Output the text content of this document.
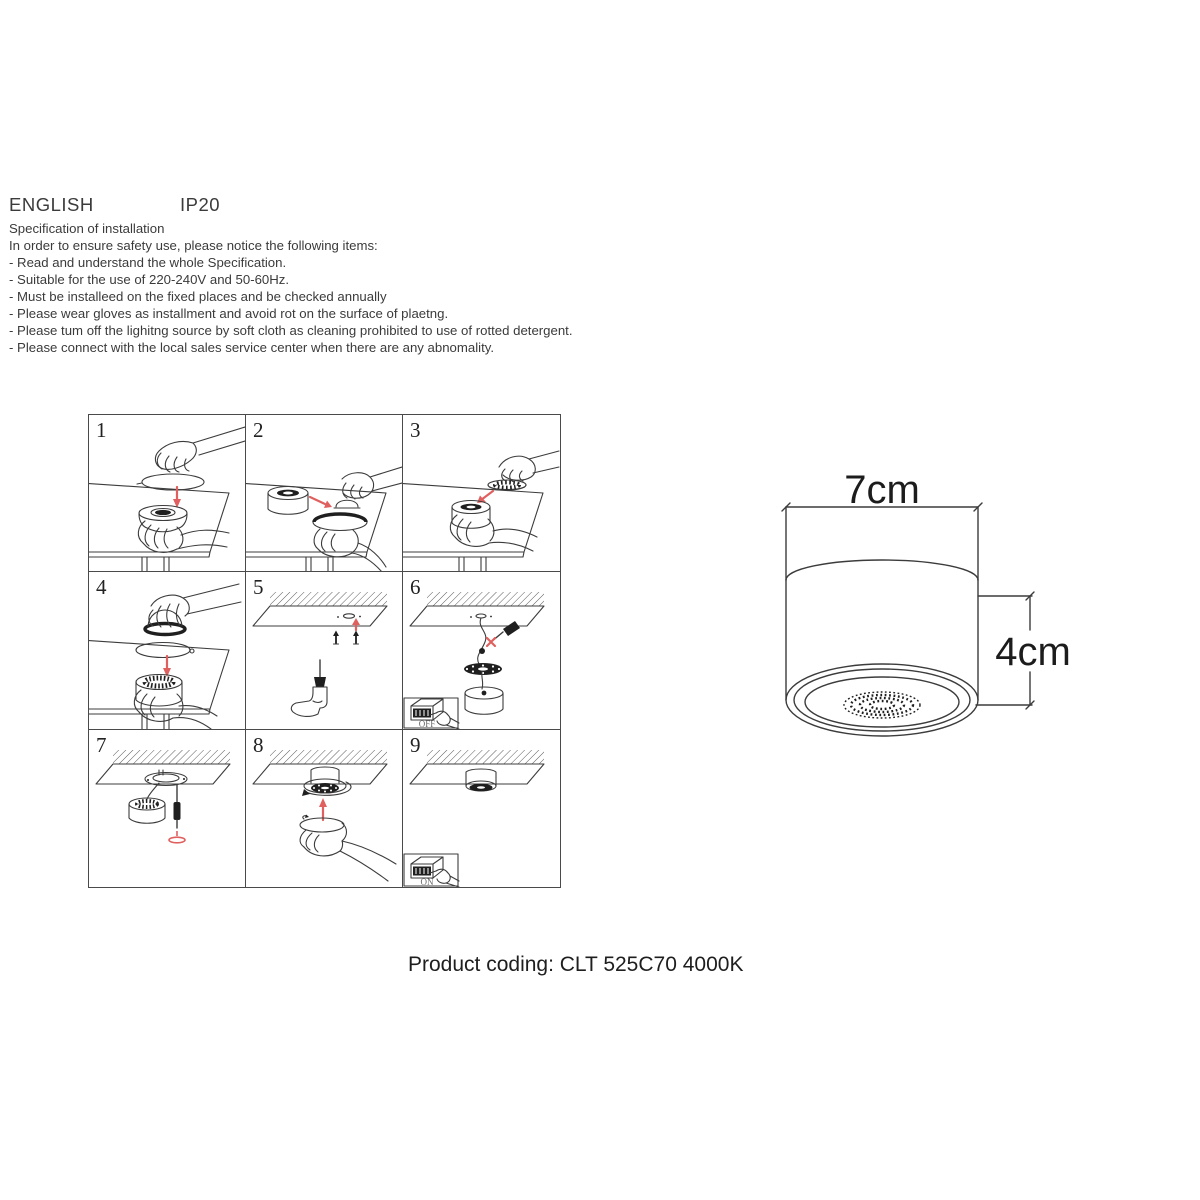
ENGLISH	IP20
Specification of installation
In order to ensure safety use, please notice the following items:
- Read and understand the whole Specification.
- Suitable for the use of 220-240V and 50-60Hz.
- Must be installeed on the fixed places and be checked annually
- Please wear gloves as installment and avoid rot on the surface of plaetng.
- Please tum off the lighitng source by soft cloth as cleaning prohibited to use of rotted detergent.
- Please connect with the local sales service center when there are any abnomality.
1	2	3
4	5	6
OFF
7	8	9
ON
7cm
4cm
Product coding: CLT 525C70 4000K
